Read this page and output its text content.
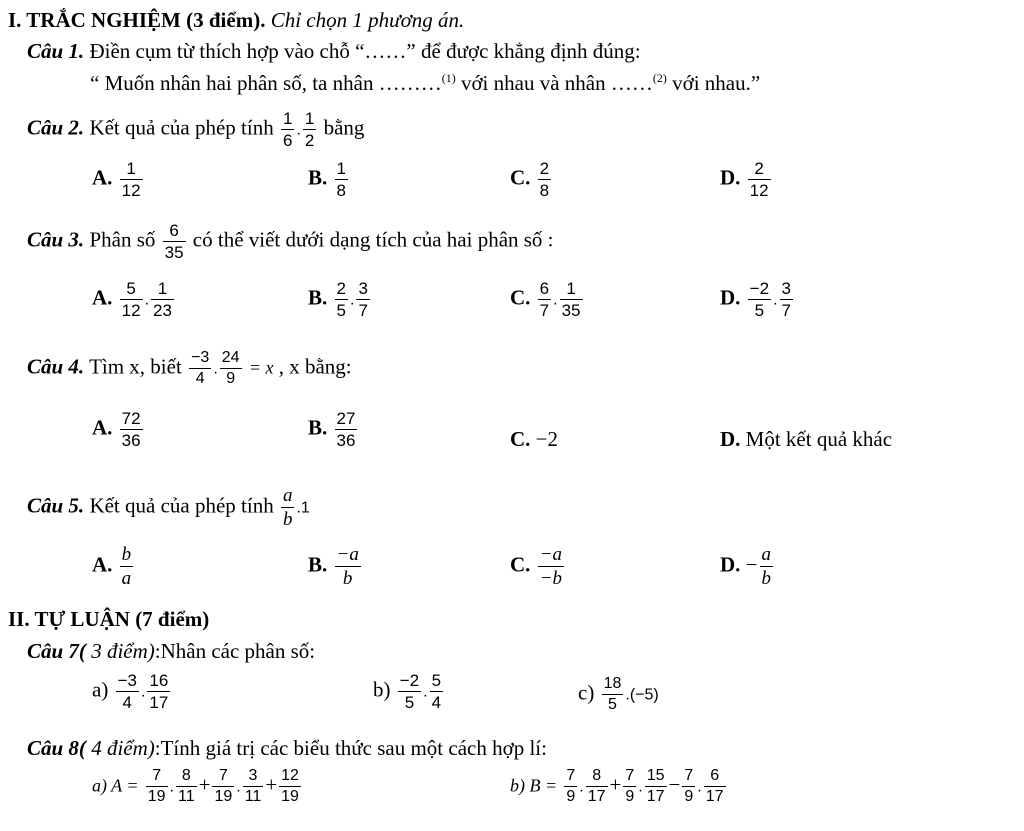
I. TRẮC NGHIỆM (3 điểm). Chỉ chọn 1 phương án.
Câu 1. Điền cụm từ thích hợp vào chỗ “……” để được khẳng định đúng:
“ Muốn nhân hai phân số, ta nhân ………$^{(1)}$ với nhau và nhân ……$^{(2)}$ với nhau.”
Câu 2. Kết quả của phép tính $\frac{1}{6}$ . $\frac{1}{2}$ bằng
A. $\frac{1}{12}$	B. $\frac{1}{8}$	C. $\frac{2}{8}$	D. $\frac{2}{12}$
Câu 3. Phân số $\frac{6}{35}$ có thể viết dưới dạng tích của hai phân số :
A. $\frac{5}{12}$ . $\frac{1}{23}$	B. $\frac{2}{5}$ . $\frac{3}{7}$	C. $\frac{6}{7}$ . $\frac{1}{35}$	D. $\frac{-2}{5}$ . $\frac{3}{7}$
Câu 4. Tìm x, biết $\frac{-3}{4}$ . $\frac{24}{9} = x$ , x bằng:
A. $\frac{72}{36}$	B. $\frac{27}{36}$	C. −2	D. Một kết quả khác
Câu 5. Kết quả của phép tính $\frac{a}{b} .1$
A. $\frac{b}{a}$	B. $\frac{-a}{b}$	C. $\frac{-a}{-b}$	D. − $\frac{a}{b}$
II. TỰ LUẬN (7 điểm)
Câu 7( 3 điểm):Nhân các phân số:
$a) \frac{-3}{4}$ . $\frac{16}{17}$	$b) \frac{-2}{5}$ . $\frac{5}{4}$	$c) \frac{18}{5} .(-5)$
Câu 8( 4 điểm):Tính giá trị các biểu thức sau một cách hợp lí:
a) $A = \frac{7}{19}$ . $\frac{8}{11} + \frac{7}{19}$ . $\frac{3}{11} + \frac{12}{19}$	b) $B = \frac{7}{9}$ . $\frac{8}{17} + \frac{7}{9}$ . $\frac{15}{17} - \frac{7}{9}$ . $\frac{6}{17}$
